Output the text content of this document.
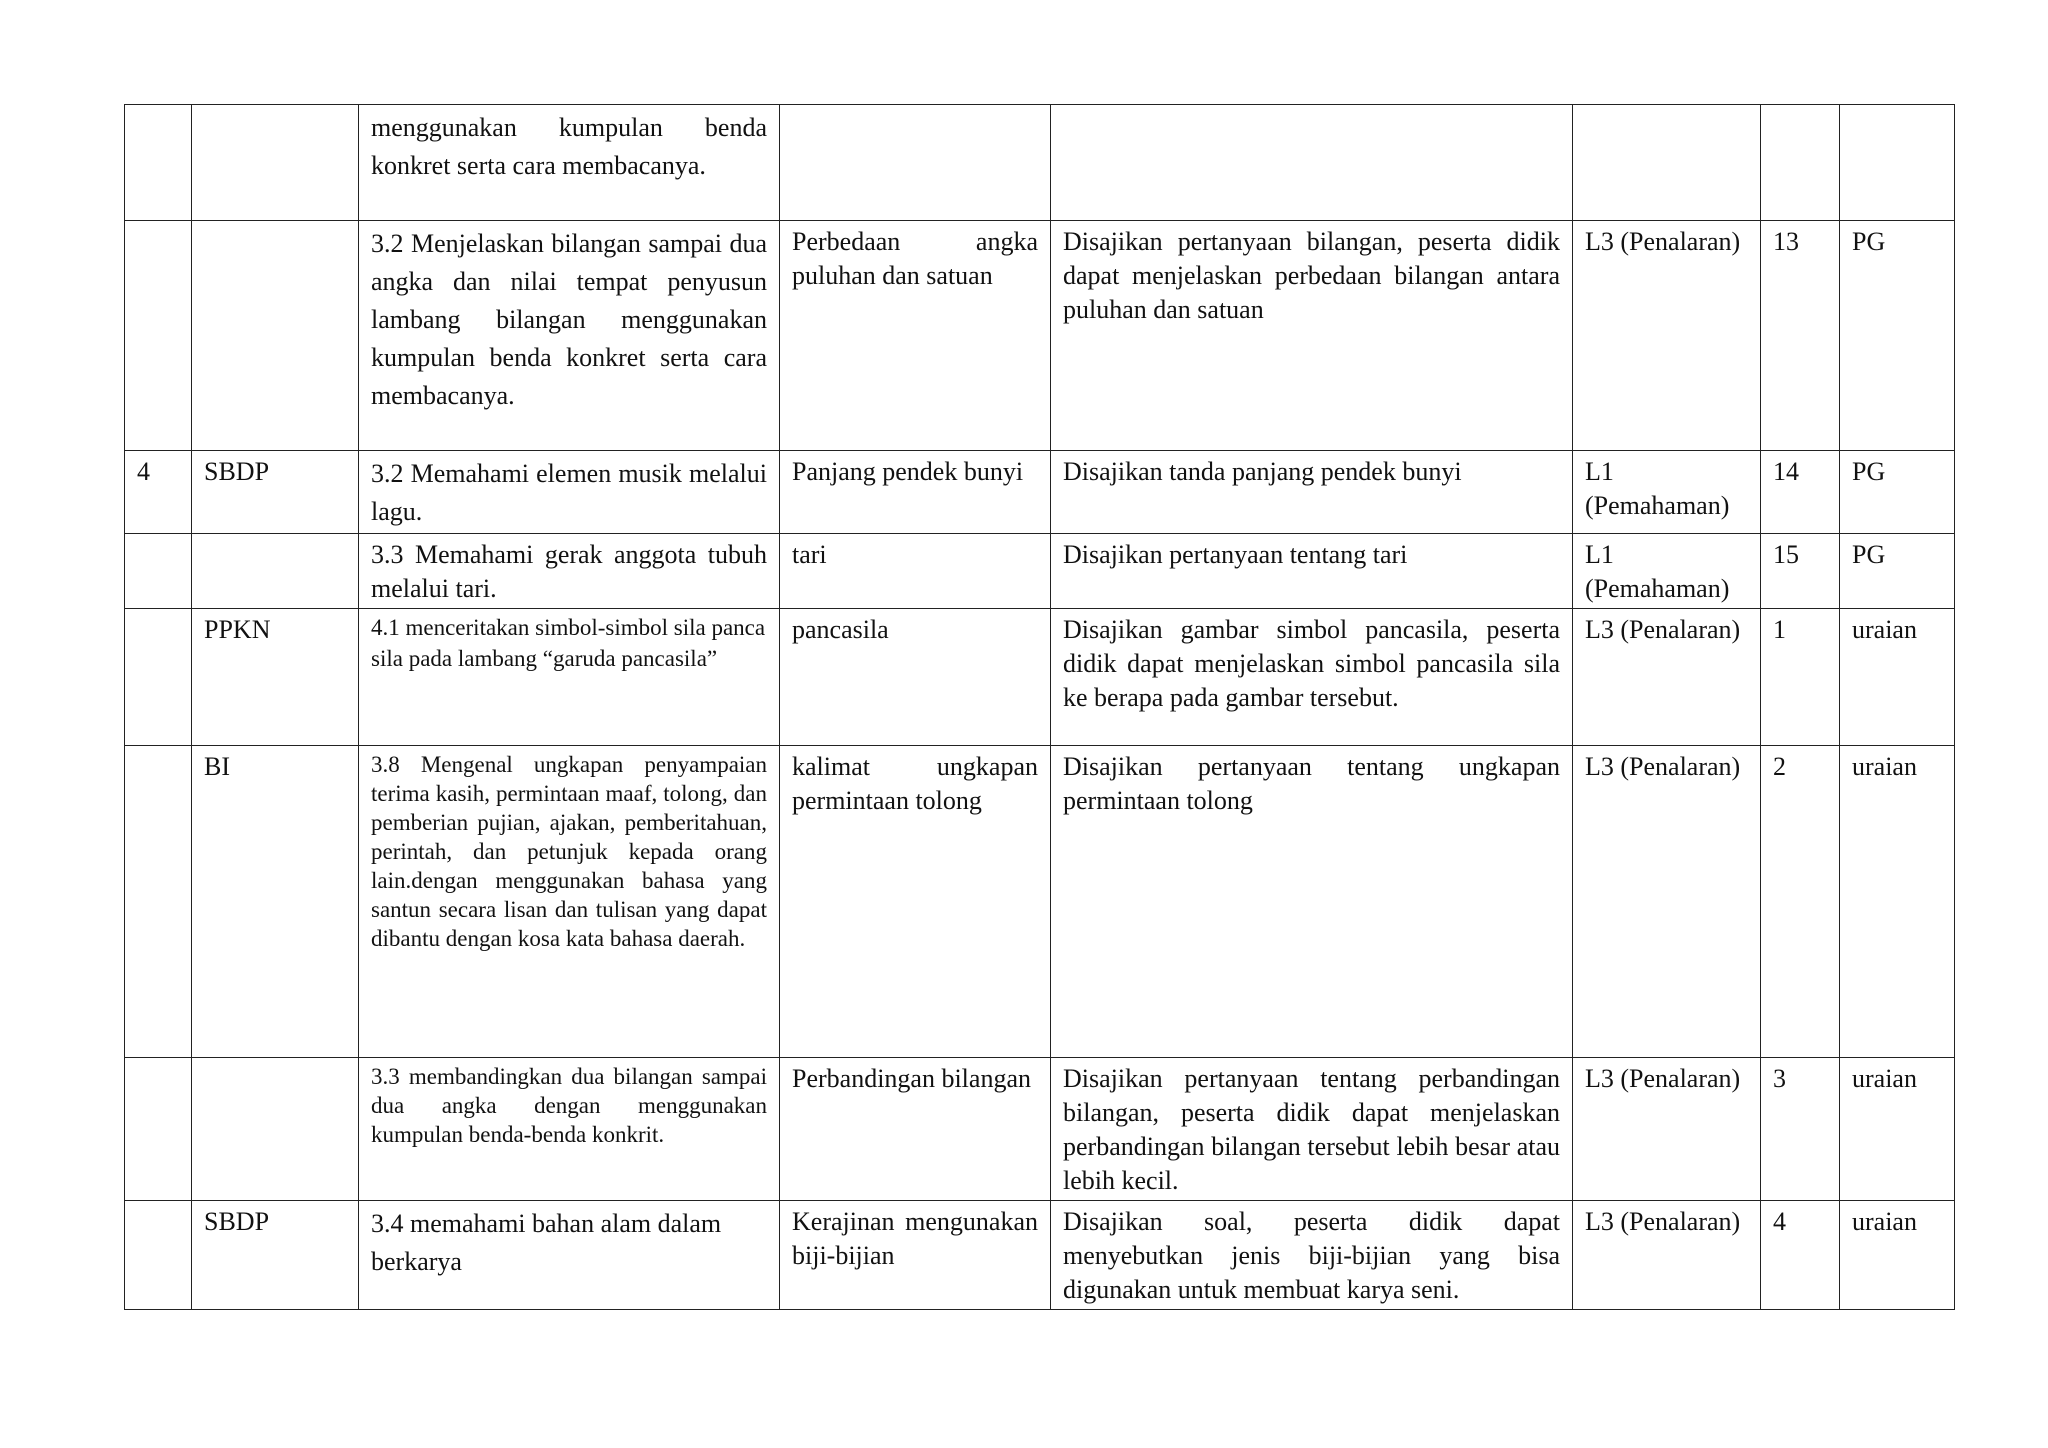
		menggunakan kumpulan benda konkret serta cara membacanya.					
		3.2 Menjelaskan bilangan sampai dua angka dan nilai tempat penyusun lambang bilangan menggunakan kumpulan benda konkret serta cara membacanya.	Perbedaan angka puluhan dan satuan	Disajikan pertanyaan bilangan, peserta didik dapat menjelaskan perbedaan bilangan antara puluhan dan satuan	L3 (Penalaran)	13	PG
4	SBDP	3.2 Memahami elemen musik melalui lagu.	Panjang pendek bunyi	Disajikan tanda panjang pendek bunyi	L1 (Pemahaman)	14	PG
		3.3 Memahami gerak anggota tubuh melalui tari.	tari	Disajikan pertanyaan tentang tari	L1 (Pemahaman)	15	PG
	PPKN	4.1 menceritakan simbol-simbol sila panca sila pada lambang “garuda pancasila”	pancasila	Disajikan gambar simbol pancasila, peserta didik dapat menjelaskan simbol pancasila sila ke berapa pada gambar tersebut.	L3 (Penalaran)	1	uraian
	BI	3.8 Mengenal ungkapan penyampaian terima kasih, permintaan maaf, tolong, dan pemberian pujian, ajakan, pemberitahuan, perintah, dan petunjuk kepada orang lain.dengan menggunakan bahasa yang santun secara lisan dan tulisan yang dapat dibantu dengan kosa kata bahasa daerah.	kalimat ungkapan permintaan tolong	Disajikan pertanyaan tentang ungkapan permintaan tolong	L3 (Penalaran)	2	uraian
		3.3 membandingkan dua bilangan sampai dua angka dengan menggunakan kumpulan benda-benda konkrit.	Perbandingan bilangan	Disajikan pertanyaan tentang perbandingan bilangan, peserta didik dapat menjelaskan perbandingan bilangan tersebut lebih besar atau lebih kecil.	L3 (Penalaran)	3	uraian
	SBDP	3.4 memahami bahan alam dalam berkarya	Kerajinan mengunakan biji-bijian	Disajikan soal, peserta didik dapat menyebutkan jenis biji-bijian yang bisa digunakan untuk membuat karya seni.	L3 (Penalaran)	4	uraian
